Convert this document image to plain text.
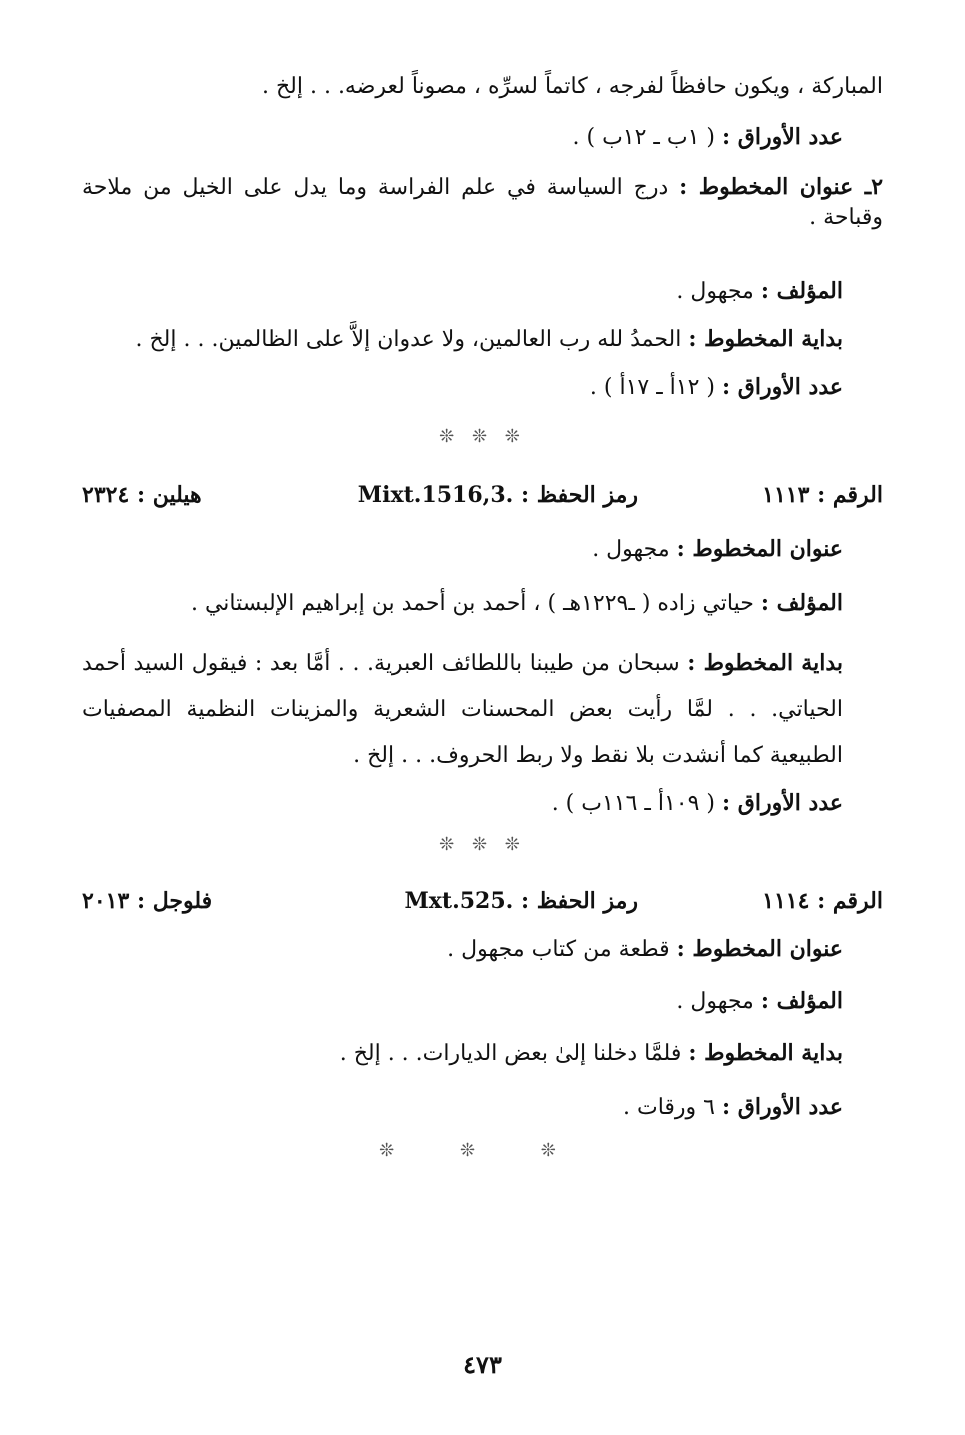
المباركة ، ويكون حافظاً لفرجه ، كاتماً لسرِّه ، مصوناً لعرضه. . . إلخ .
عدد الأوراق : ( ١ب ـ ١٢ب ) .
٢ـ عنوان المخطوط : درج السياسة في علم الفراسة وما يدل على الخيل من ملاحة وقباحة .
المؤلف : مجهول .
بداية المخطوط : الحمدُ لله رب العالمين، ولا عدوان إلاَّ على الظالمين. . . إلخ .
عدد الأوراق : ( ١٢أ ـ ١٧أ ) .
❊ ❊ ❊
الرقم : ١١١٣
رمز الحفظ : Mixt.1516,3.
هيلين : ٢٣٢٤
عنوان المخطوط : مجهول .
المؤلف : حياتي زاده ( ـ١٢٢٩هـ ) ، أحمد بن أحمد بن إبراهيم الإلبستاني .
بداية المخطوط : سبحان من طيبنا باللطائف العبرية. . . أمَّا بعد : فيقول السيد أحمد الحياتي. . . لمَّا رأيت بعض المحسنات الشعرية والمزينات النظمية المصفيات الطبيعية كما أنشدت بلا نقط ولا ربط الحروف. . . إلخ .
عدد الأوراق : ( ١٠٩أ ـ ١١٦ب ) .
❊ ❊ ❊
الرقم : ١١١٤
رمز الحفظ : Mxt.525.
فلوجل : ٢٠١٣
عنوان المخطوط : قطعة من كتاب مجهول .
المؤلف : مجهول .
بداية المخطوط : فلمَّا دخلنا إلىٰ بعض الديارات. . . إلخ .
عدد الأوراق : ٦ ورقات .
❊ ❊ ❊
٤٧٣
